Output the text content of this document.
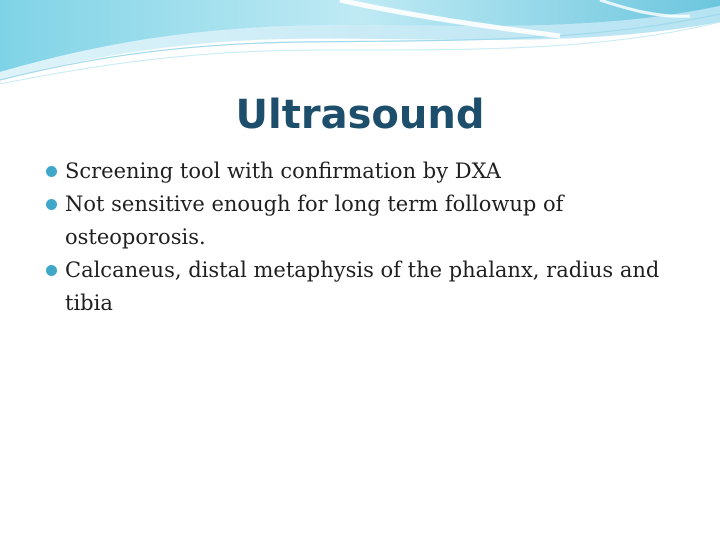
Ultrasound
Screening tool with confirmation by DXA
Not sensitive enough for long term followup of osteoporosis.
Calcaneus, distal metaphysis of the phalanx, radius and tibia
